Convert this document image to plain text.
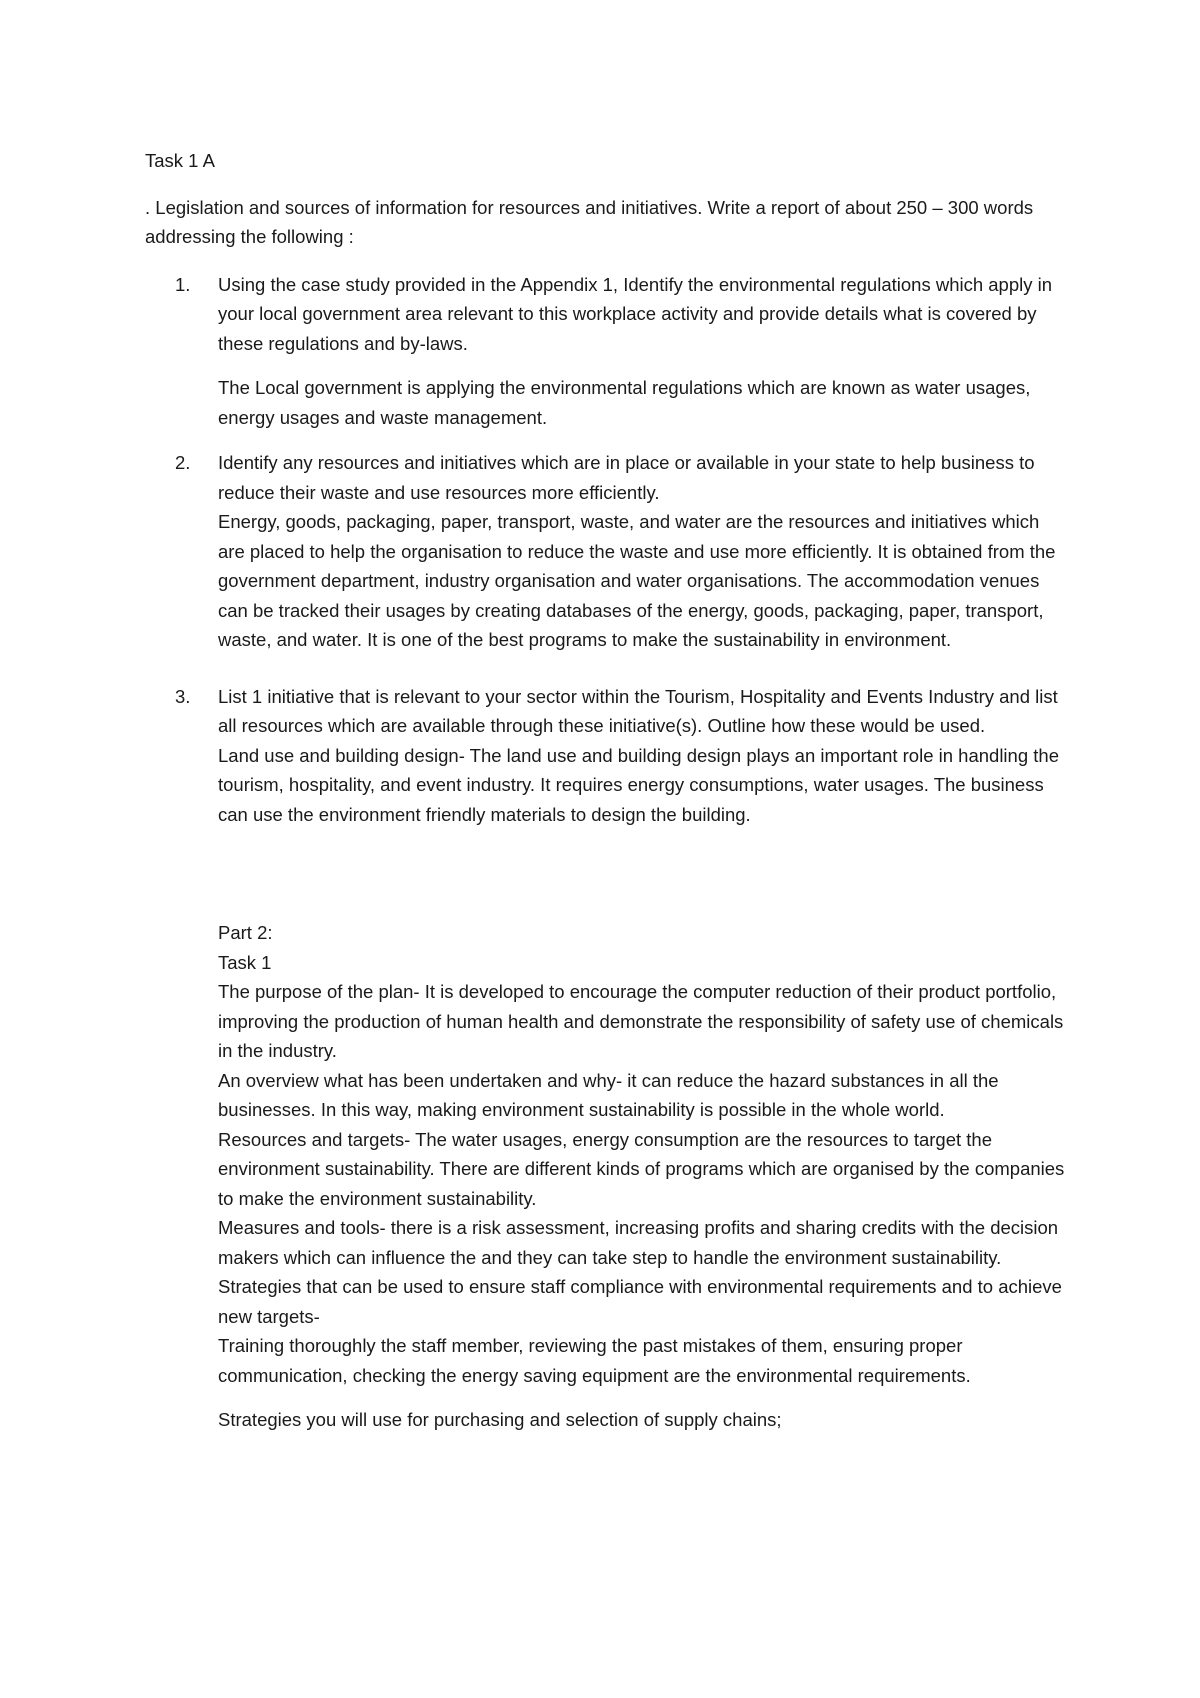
Task 1 A

. Legislation and sources of information for resources and initiatives. Write a report of about 250 – 300 words addressing the following :

1. Using the case study provided in the Appendix 1, Identify the environmental regulations which apply in your local government area relevant to this workplace activity and provide details what is covered by these regulations and by-laws.

The Local government is applying the environmental regulations which are known as water usages, energy usages and waste management.

2. Identify any resources and initiatives which are in place or available in your state to help business to reduce their waste and use resources more efficiently.

Energy, goods, packaging, paper, transport, waste, and water are the resources and initiatives which are placed to help the organisation to reduce the waste and use more efficiently. It is obtained from the government department, industry organisation and water organisations. The accommodation venues can be tracked their usages by creating databases of the energy, goods, packaging, paper, transport, waste, and water. It is one of the best programs to make the sustainability in environment.

3. List 1 initiative that is relevant to your sector within the Tourism, Hospitality and Events Industry and list all resources which are available through these initiative(s). Outline how these would be used.

Land use and building design- The land use and building design plays an important role in handling the tourism, hospitality, and event industry. It requires energy consumptions, water usages. The business can use the environment friendly materials to design the building.

Part 2:

Task 1

The purpose of the plan- It is developed to encourage the computer reduction of their product portfolio, improving the production of human health and demonstrate the responsibility of safety use of chemicals in the industry.

An overview what has been undertaken and why- it can reduce the hazard substances in all the businesses. In this way, making environment sustainability is possible in the whole world.

Resources and targets- The water usages, energy consumption are the resources to target the environment sustainability. There are different kinds of programs which are organised by the companies to make the environment sustainability.

Measures and tools- there is a risk assessment, increasing profits and sharing credits with the decision makers which can influence the and they can take step to handle the environment sustainability.

Strategies that can be used to ensure staff compliance with environmental requirements and to achieve new targets-

Training thoroughly the staff member, reviewing the past mistakes of them, ensuring proper communication, checking the energy saving equipment are the environmental requirements.

Strategies you will use for purchasing and selection of supply chains;
